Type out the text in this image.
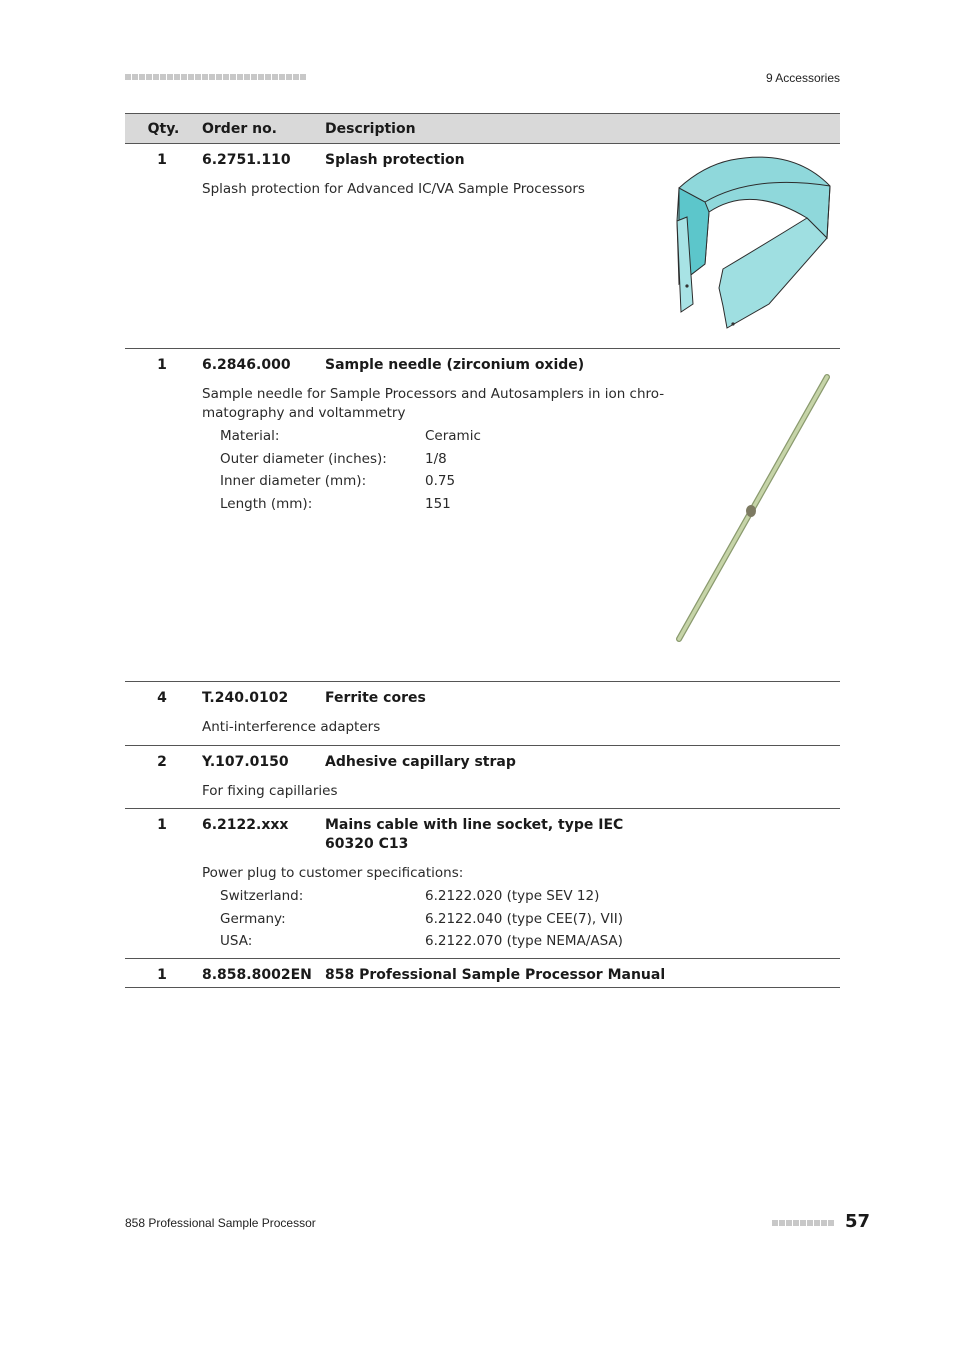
9 Accessories
Qty.	Order no.	Description
1	6.2751.110	Splash protection
Splash protection for Advanced IC/VA Sample Processors
1	6.2846.000	Sample needle (zirconium oxide)
Sample needle for Sample Processors and Autosamplers in ion chro-
matography and voltammetry
Material:	Ceramic
Outer diameter (inches):	1/8
Inner diameter (mm):	0.75
Length (mm):	151
4	T.240.0102	Ferrite cores
Anti-interference adapters
2	Y.107.0150	Adhesive capillary strap
For fixing capillaries
1	6.2122.xxx	Mains cable with line socket, type IEC
60320 C13
Power plug to customer specifications:
Switzerland:	6.2122.020 (type SEV 12)
Germany:	6.2122.040 (type CEE(7), VII)
USA:	6.2122.070 (type NEMA/ASA)
1	8.858.8002EN 858 Professional Sample Processor Manual
858 Professional Sample Processor	57
